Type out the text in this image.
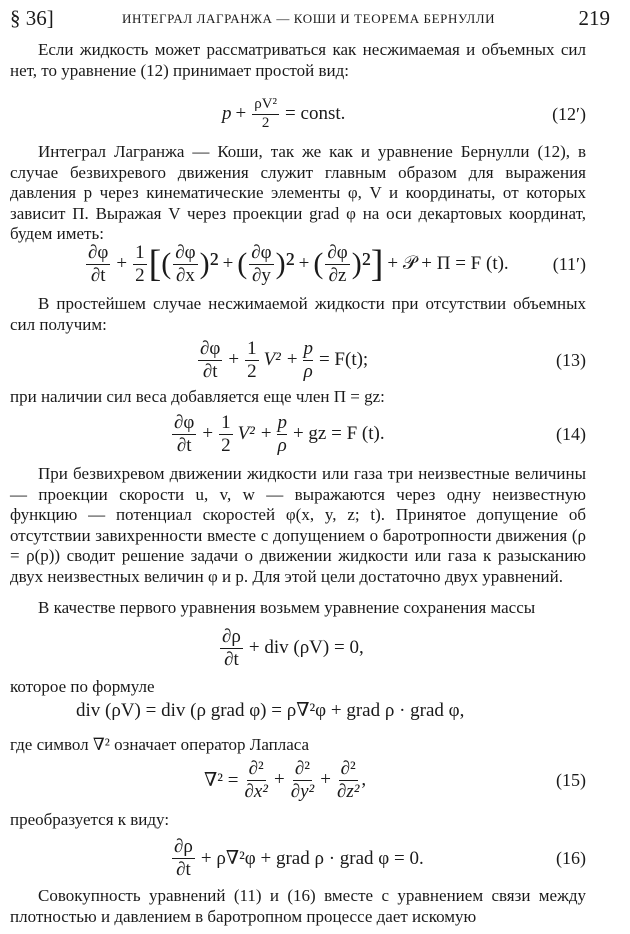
§ 36]	ИНТЕГРАЛ ЛАГРАНЖА — КОШИ И ТЕОРЕМА БЕРНУЛЛИ	219

Если жидкость может рассматриваться как несжимаемая и объемных сил нет, то уравнение (12) принимает простой вид:

$p + \frac{\text{ρV²}}{2}$ = const.	(12′)

Интеграл Лагранжа — Коши, так же как и уравнение Бернулли (12), в случае безвихревого движения служит главным образом для выражения давления p через кинематические элементы φ, V и координаты, от которых зависит Π. Выражая V через проекции grad φ на оси декартовых координат, будем иметь:

$\frac{\partial\varphi}{\partial t} + \frac{1}{2}$ [ ( $\frac{\partial\varphi}{\partial x} )^2$ + ( $\frac{\partial\varphi}{\partial y} )^2$ + ( $\frac{\partial\varphi}{\partial z} )^2$ ] + 𝒫 + Π = F (t). (11′)

В простейшем случае несжимаемой жидкости при отсутствии объемных сил получим:

$\frac{\partial\varphi}{\partial t} + \frac{1}{2} V^2 + \frac{p}{\rho} = F(t)$;	(13)

при наличии сил веса добавляется еще член Π = gz:

$\frac{\partial\varphi}{\partial t} + \frac{1}{2} V^2 + \frac{p}{\rho}$ + gz = F (t).	(14)

При безвихревом движении жидкости или газа три неизвестные величины — проекции скорости u, v, w — выражаются через одну неизвестную функцию — потенциал скоростей φ(x, y, z; t). Принятое допущение об отсутствии завихренности вместе с допущением о баротропности движения (ρ = ρ(p)) сводит решение задачи о движении жидкости или газа к разысканию двух неизвестных величин φ и p. Для этой цели достаточно двух уравнений.

В качестве первого уравнения возьмем уравнение сохранения массы

$\frac{\partial\rho}{\partial t}$ + div (ρV) = 0,

которое по формуле

div (ρV) = div (ρ grad φ) = ρ∇²φ + grad ρ · grad φ,

где символ ∇² означает оператор Лапласа

$\nabla^2 = \frac{\text{∂²}}{\text{∂x²}} + \frac{\text{∂²}}{\text{∂y²}} + \frac{\text{∂²}}{\text{∂z²}}$ ,	(15)

преобразуется к виду:

$\frac{\partial\rho}{\partial t} + \rho\nabla^2\varphi$ + grad ρ · grad φ = 0.	(16)

Совокупность уравнений (11) и (16) вместе с уравнением связи между плотностью и давлением в баротропном процессе дает искомую
